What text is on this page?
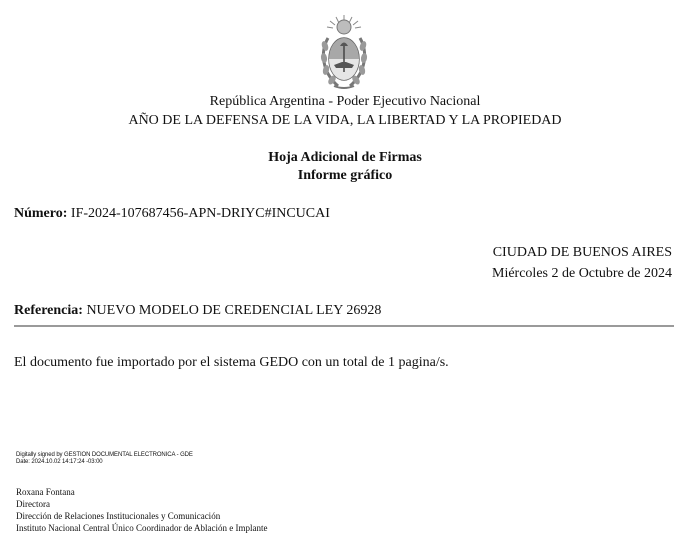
República Argentina - Poder Ejecutivo Nacional
AÑO DE LA DEFENSA DE LA VIDA, LA LIBERTAD Y LA PROPIEDAD
Hoja Adicional de Firmas
Informe gráfico
Número: IF-2024-107687456-APN-DRIYC#INCUCAI
CIUDAD DE BUENOS AIRES
Miércoles 2 de Octubre de 2024
Referencia: NUEVO MODELO DE CREDENCIAL LEY 26928
El documento fue importado por el sistema GEDO con un total de 1 pagina/s.
Digitally signed by GESTION DOCUMENTAL ELECTRONICA - GDE
Date: 2024.10.02 14:17:24 -03:00
Roxana Fontana
Directora
Dirección de Relaciones Institucionales y Comunicación
Instituto Nacional Central Único Coordinador de Ablación e Implante
